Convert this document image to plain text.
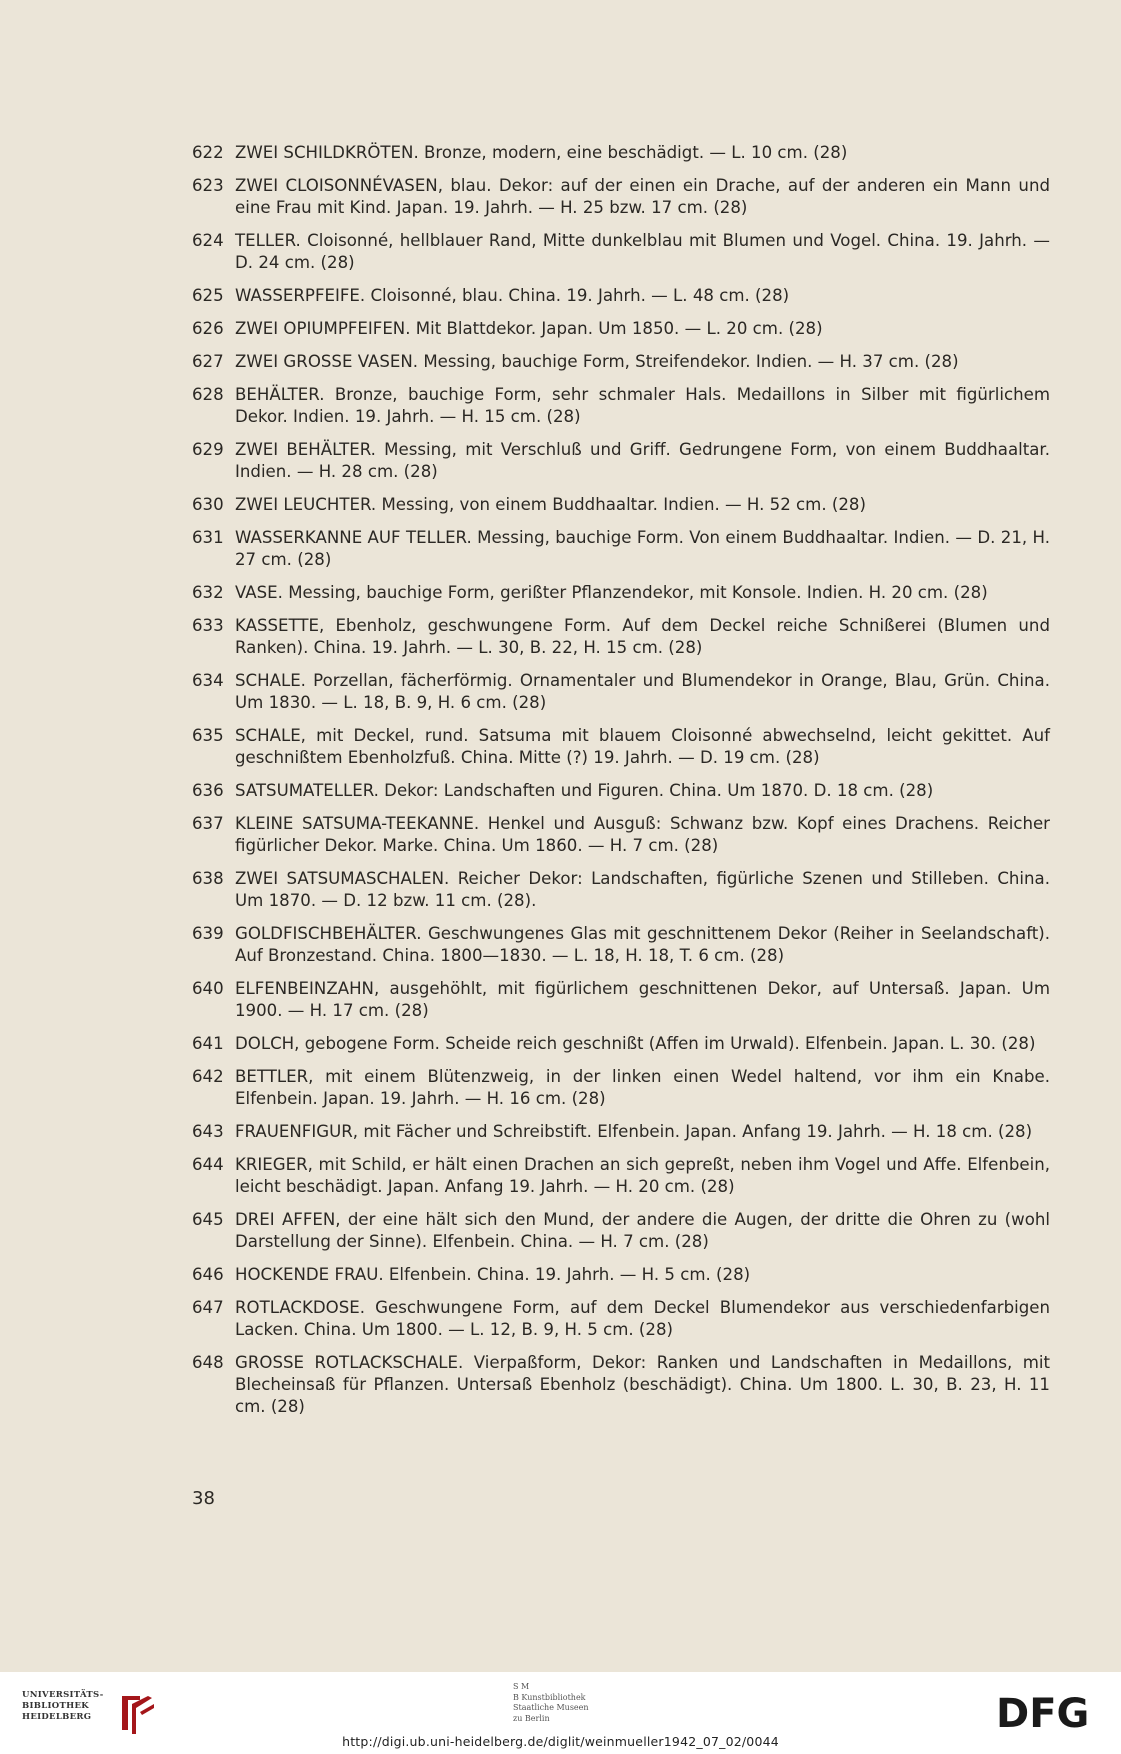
622 ZWEI SCHILDKRÖTEN. Bronze, modern, eine beschädigt. — L. 10 cm. (28)
623 ZWEI CLOISONNÉVASEN, blau. Dekor: auf der einen ein Drache, auf der anderen ein Mann und eine Frau mit Kind. Japan. 19. Jahrh. — H. 25 bzw. 17 cm. (28)
624 TELLER. Cloisonné, hellblauer Rand, Mitte dunkelblau mit Blumen und Vogel. China. 19. Jahrh. — D. 24 cm. (28)
625 WASSERPFEIFE. Cloisonné, blau. China. 19. Jahrh. — L. 48 cm. (28)
626 ZWEI OPIUMPFEIFEN. Mit Blattdekor. Japan. Um 1850. — L. 20 cm. (28)
627 ZWEI GROSSE VASEN. Messing, bauchige Form, Streifendekor. Indien. — H. 37 cm. (28)
628 BEHÄLTER. Bronze, bauchige Form, sehr schmaler Hals. Medaillons in Silber mit figürlichem Dekor. Indien. 19. Jahrh. — H. 15 cm. (28)
629 ZWEI BEHÄLTER. Messing, mit Verschluß und Griff. Gedrungene Form, von einem Buddhaaltar. Indien. — H. 28 cm. (28)
630 ZWEI LEUCHTER. Messing, von einem Buddhaaltar. Indien. — H. 52 cm. (28)
631 WASSERKANNE AUF TELLER. Messing, bauchige Form. Von einem Buddhaaltar. Indien. — D. 21, H. 27 cm. (28)
632 VASE. Messing, bauchige Form, gerißter Pflanzendekor, mit Konsole. Indien. H. 20 cm. (28)
633 KASSETTE, Ebenholz, geschwungene Form. Auf dem Deckel reiche Schnißerei (Blumen und Ranken). China. 19. Jahrh. — L. 30, B. 22, H. 15 cm. (28)
634 SCHALE. Porzellan, fächerförmig. Ornamentaler und Blumendekor in Orange, Blau, Grün. China. Um 1830. — L. 18, B. 9, H. 6 cm. (28)
635 SCHALE, mit Deckel, rund. Satsuma mit blauem Cloisonné abwechselnd, leicht gekittet. Auf geschnißtem Ebenholzfuß. China. Mitte (?) 19. Jahrh. — D. 19 cm. (28)
636 SATSUMATELLER. Dekor: Landschaften und Figuren. China. Um 1870. D. 18 cm. (28)
637 KLEINE SATSUMA-TEEKANNE. Henkel und Ausguß: Schwanz bzw. Kopf eines Drachens. Reicher figürlicher Dekor. Marke. China. Um 1860. — H. 7 cm. (28)
638 ZWEI SATSUMASCHALEN. Reicher Dekor: Landschaften, figürliche Szenen und Stilleben. China. Um 1870. — D. 12 bzw. 11 cm. (28).
639 GOLDFISCHBEHÄLTER. Geschwungenes Glas mit geschnittenem Dekor (Reiher in Seelandschaft). Auf Bronzestand. China. 1800—1830. — L. 18, H. 18, T. 6 cm. (28)
640 ELFENBEINZAHN, ausgehöhlt, mit figürlichem geschnittenen Dekor, auf Untersaß. Japan. Um 1900. — H. 17 cm. (28)
641 DOLCH, gebogene Form. Scheide reich geschnißt (Affen im Urwald). Elfenbein. Japan. L. 30. (28)
642 BETTLER, mit einem Blütenzweig, in der linken einen Wedel haltend, vor ihm ein Knabe. Elfenbein. Japan. 19. Jahrh. — H. 16 cm. (28)
643 FRAUENFIGUR, mit Fächer und Schreibstift. Elfenbein. Japan. Anfang 19. Jahrh. — H. 18 cm. (28)
644 KRIEGER, mit Schild, er hält einen Drachen an sich gepreßt, neben ihm Vogel und Affe. Elfenbein, leicht beschädigt. Japan. Anfang 19. Jahrh. — H. 20 cm. (28)
645 DREI AFFEN, der eine hält sich den Mund, der andere die Augen, der dritte die Ohren zu (wohl Darstellung der Sinne). Elfenbein. China. — H. 7 cm. (28)
646 HOCKENDE FRAU. Elfenbein. China. 19. Jahrh. — H. 5 cm. (28)
647 ROTLACKDOSE. Geschwungene Form, auf dem Deckel Blumendekor aus verschiedenfarbigen Lacken. China. Um 1800. — L. 12, B. 9, H. 5 cm. (28)
648 GROSSE ROTLACKSCHALE. Vierpaßform, Dekor: Ranken und Landschaften in Medaillons, mit Blecheinsaß für Pflanzen. Untersaß Ebenholz (beschädigt). China. Um 1800. L. 30, B. 23, H. 11 cm. (28)
38
UNIVERSITÄTS-
BIBLIOTHEK
HEIDELBERG
S M
B Kunstbibliothek
Staatliche Museen
zu Berlin	DFG
http://digi.ub.uni-heidelberg.de/diglit/weinmueller1942_07_02/0044
